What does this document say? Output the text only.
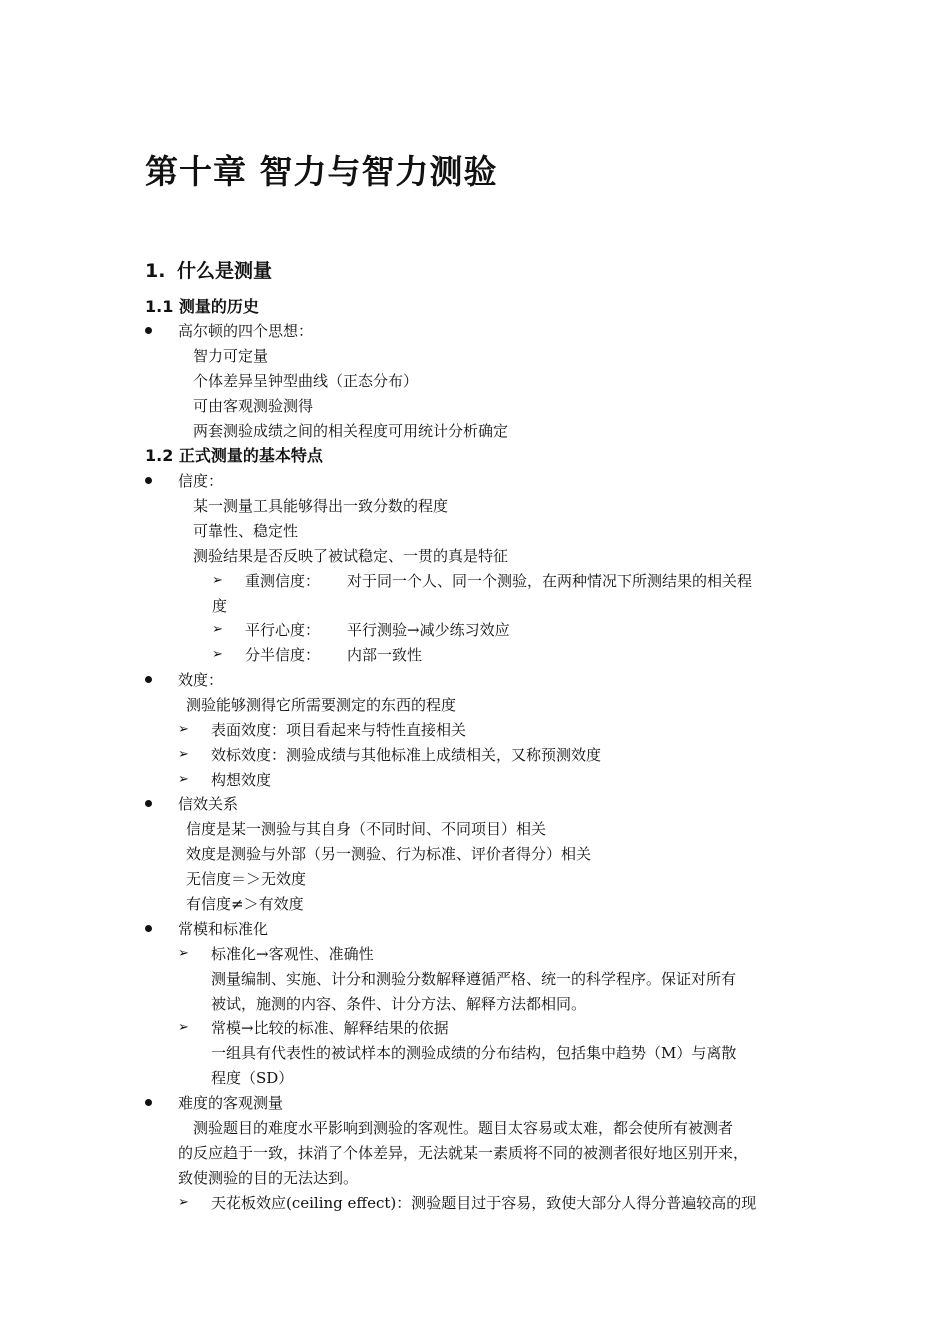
第十章 智力与智力测验
1. 什么是测量
1.1 测量的历史
高尔顿的四个思想：
智力可定量
个体差异呈钟型曲线（正态分布）
可由客观测验测得
两套测验成绩之间的相关程度可用统计分析确定
1.2 正式测量的基本特点
信度：
某一测量工具能够得出一致分数的程度
可靠性、稳定性
测验结果是否反映了被试稳定、一贯的真是特征
➢ 重测信度： 对于同一个人、同一个测验，在两种情况下所测结果的相关程
度
➢ 平行心度： 平行测验→减少练习效应
➢ 分半信度： 内部一致性
效度：
测验能够测得它所需要测定的东西的程度
➢ 表面效度：项目看起来与特性直接相关
➢ 效标效度：测验成绩与其他标准上成绩相关，又称预测效度
➢ 构想效度
信效关系
信度是某一测验与其自身（不同时间、不同项目）相关
效度是测验与外部（另一测验、行为标准、评价者得分）相关
无信度＝＞无效度
有信度≠＞有效度
常模和标准化
➢ 标准化→客观性、准确性
测量编制、实施、计分和测验分数解释遵循严格、统一的科学程序。保证对所有
被试，施测的内容、条件、计分方法、解释方法都相同。
➢ 常模→比较的标准、解释结果的依据
一组具有代表性的被试样本的测验成绩的分布结构，包括集中趋势（M）与离散
程度（SD）
难度的客观测量
测验题目的难度水平影响到测验的客观性。题目太容易或太难，都会使所有被测者
的反应趋于一致，抹消了个体差异，无法就某一素质将不同的被测者很好地区别开来，
致使测验的目的无法达到。
➢ 天花板效应(ceiling effect)：测验题目过于容易，致使大部分人得分普遍较高的现
